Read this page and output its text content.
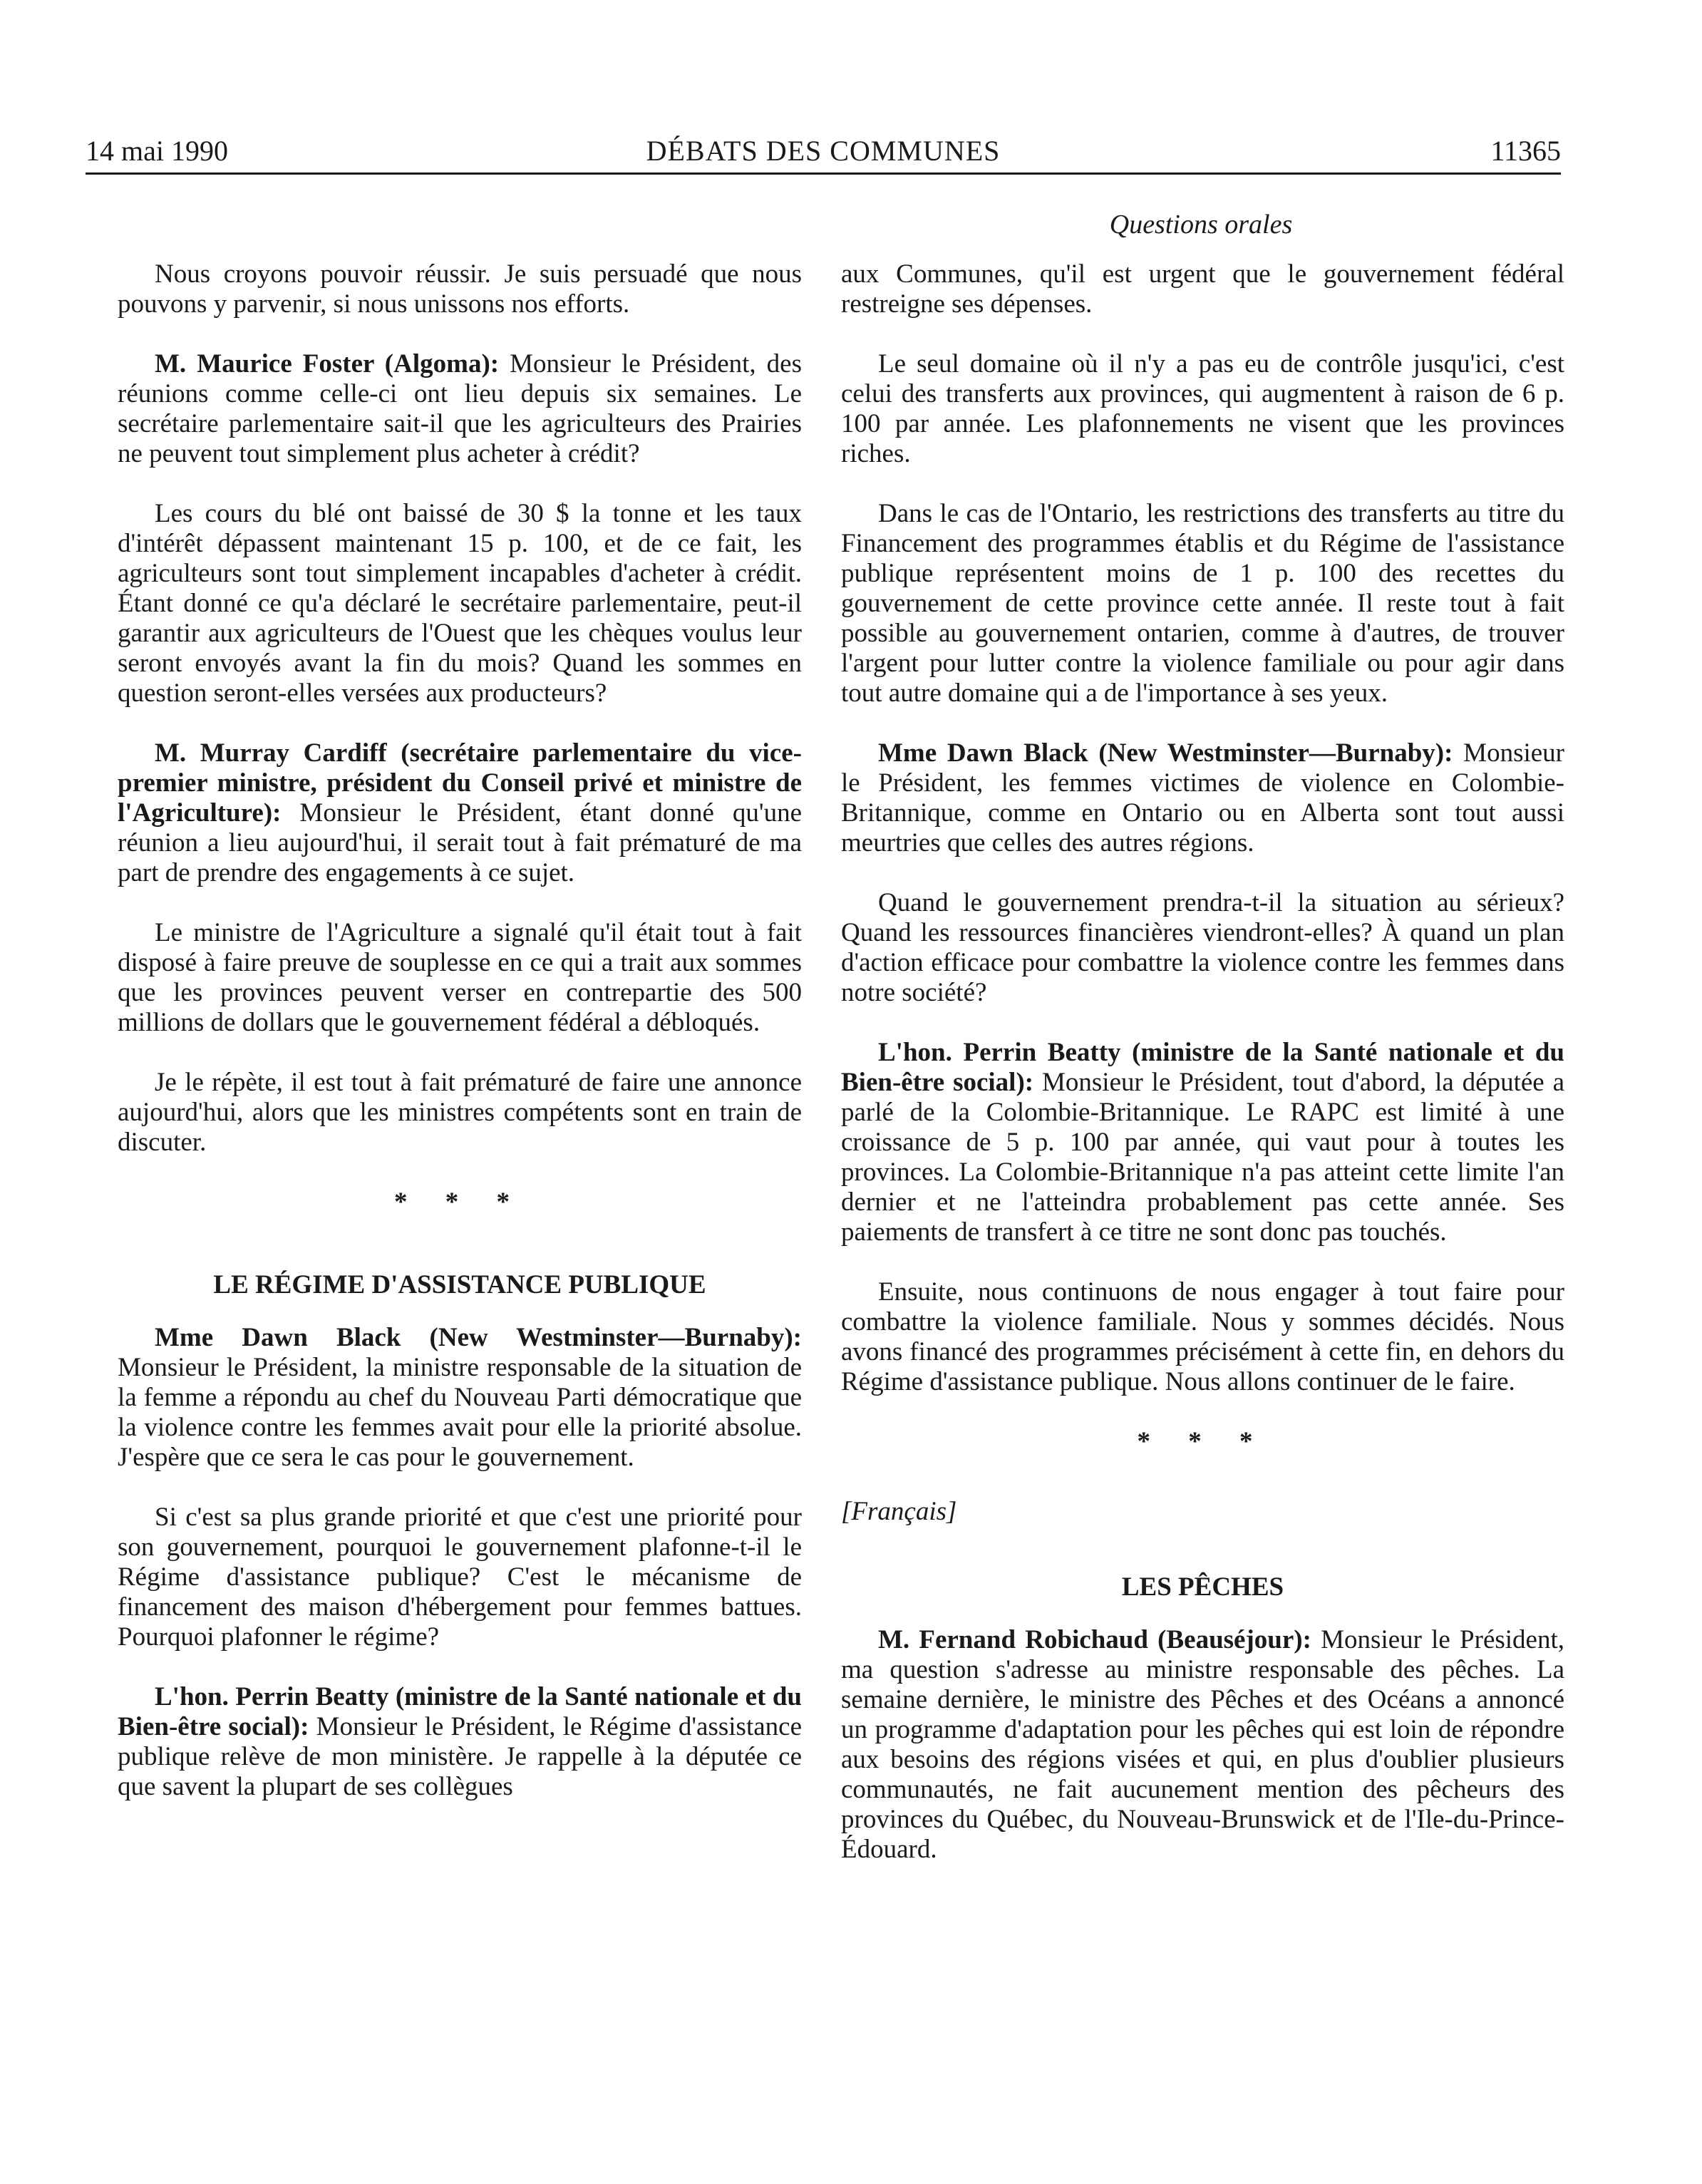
14 mai 1990	DÉBATS DES COMMUNES	11365
Questions orales

Nous croyons pouvoir réussir. Je suis persuadé que nous pouvons y parvenir, si nous unissons nos efforts.

M. Maurice Foster (Algoma): Monsieur le Président, des réunions comme celle-ci ont lieu depuis six semaines. Le secrétaire parlementaire sait-il que les agriculteurs des Prairies ne peuvent tout simplement plus acheter à crédit?

Les cours du blé ont baissé de 30 $ la tonne et les taux d'intérêt dépassent maintenant 15 p. 100, et de ce fait, les agriculteurs sont tout simplement incapables d'acheter à crédit. Étant donné ce qu'a déclaré le secrétaire parlementaire, peut-il garantir aux agriculteurs de l'Ouest que les chèques voulus leur seront envoyés avant la fin du mois? Quand les sommes en question seront-elles versées aux producteurs?

M. Murray Cardiff (secrétaire parlementaire du vice-premier ministre, président du Conseil privé et ministre de l'Agriculture): Monsieur le Président, étant donné qu'une réunion a lieu aujourd'hui, il serait tout à fait prématuré de ma part de prendre des engagements à ce sujet.

Le ministre de l'Agriculture a signalé qu'il était tout à fait disposé à faire preuve de souplesse en ce qui a trait aux sommes que les provinces peuvent verser en contrepartie des 500 millions de dollars que le gouvernement fédéral a débloqués.

Je le répète, il est tout à fait prématuré de faire une annonce aujourd'hui, alors que les ministres compétents sont en train de discuter.

* * *
LE RÉGIME D'ASSISTANCE PUBLIQUE

Mme Dawn Black (New Westminster—Burnaby): Monsieur le Président, la ministre responsable de la situation de la femme a répondu au chef du Nouveau Parti démocratique que la violence contre les femmes avait pour elle la priorité absolue. J'espère que ce sera le cas pour le gouvernement.

Si c'est sa plus grande priorité et que c'est une priorité pour son gouvernement, pourquoi le gouvernement plafonne-t-il le Régime d'assistance publique? C'est le mécanisme de financement des maison d'hébergement pour femmes battues. Pourquoi plafonner le régime?

L'hon. Perrin Beatty (ministre de la Santé nationale et du Bien-être social): Monsieur le Président, le Régime d'assistance publique relève de mon ministère. Je rappelle à la députée ce que savent la plupart de ses collègues

aux Communes, qu'il est urgent que le gouvernement fédéral restreigne ses dépenses.

Le seul domaine où il n'y a pas eu de contrôle jusqu'ici, c'est celui des transferts aux provinces, qui augmentent à raison de 6 p. 100 par année. Les plafonnements ne visent que les provinces riches.

Dans le cas de l'Ontario, les restrictions des transferts au titre du Financement des programmes établis et du Régime de l'assistance publique représentent moins de 1 p. 100 des recettes du gouvernement de cette province cette année. Il reste tout à fait possible au gouvernement ontarien, comme à d'autres, de trouver l'argent pour lutter contre la violence familiale ou pour agir dans tout autre domaine qui a de l'importance à ses yeux.

Mme Dawn Black (New Westminster—Burnaby): Monsieur le Président, les femmes victimes de violence en Colombie-Britannique, comme en Ontario ou en Alberta sont tout aussi meurtries que celles des autres régions.

Quand le gouvernement prendra-t-il la situation au sérieux? Quand les ressources financières viendront-elles? À quand un plan d'action efficace pour combattre la violence contre les femmes dans notre société?

L'hon. Perrin Beatty (ministre de la Santé nationale et du Bien-être social): Monsieur le Président, tout d'abord, la députée a parlé de la Colombie-Britannique. Le RAPC est limité à une croissance de 5 p. 100 par année, qui vaut pour à toutes les provinces. La Colombie-Britannique n'a pas atteint cette limite l'an dernier et ne l'atteindra probablement pas cette année. Ses paiements de transfert à ce titre ne sont donc pas touchés.

Ensuite, nous continuons de nous engager à tout faire pour combattre la violence familiale. Nous y sommes décidés. Nous avons financé des programmes précisément à cette fin, en dehors du Régime d'assistance publique. Nous allons continuer de le faire.

* * *
[Français]
LES PÊCHES

M. Fernand Robichaud (Beauséjour): Monsieur le Président, ma question s'adresse au ministre responsable des pêches. La semaine dernière, le ministre des Pêches et des Océans a annoncé un programme d'adaptation pour les pêches qui est loin de répondre aux besoins des régions visées et qui, en plus d'oublier plusieurs communautés, ne fait aucunement mention des pêcheurs des provinces du Québec, du Nouveau-Brunswick et de l'Ile-du-Prince-Édouard.
